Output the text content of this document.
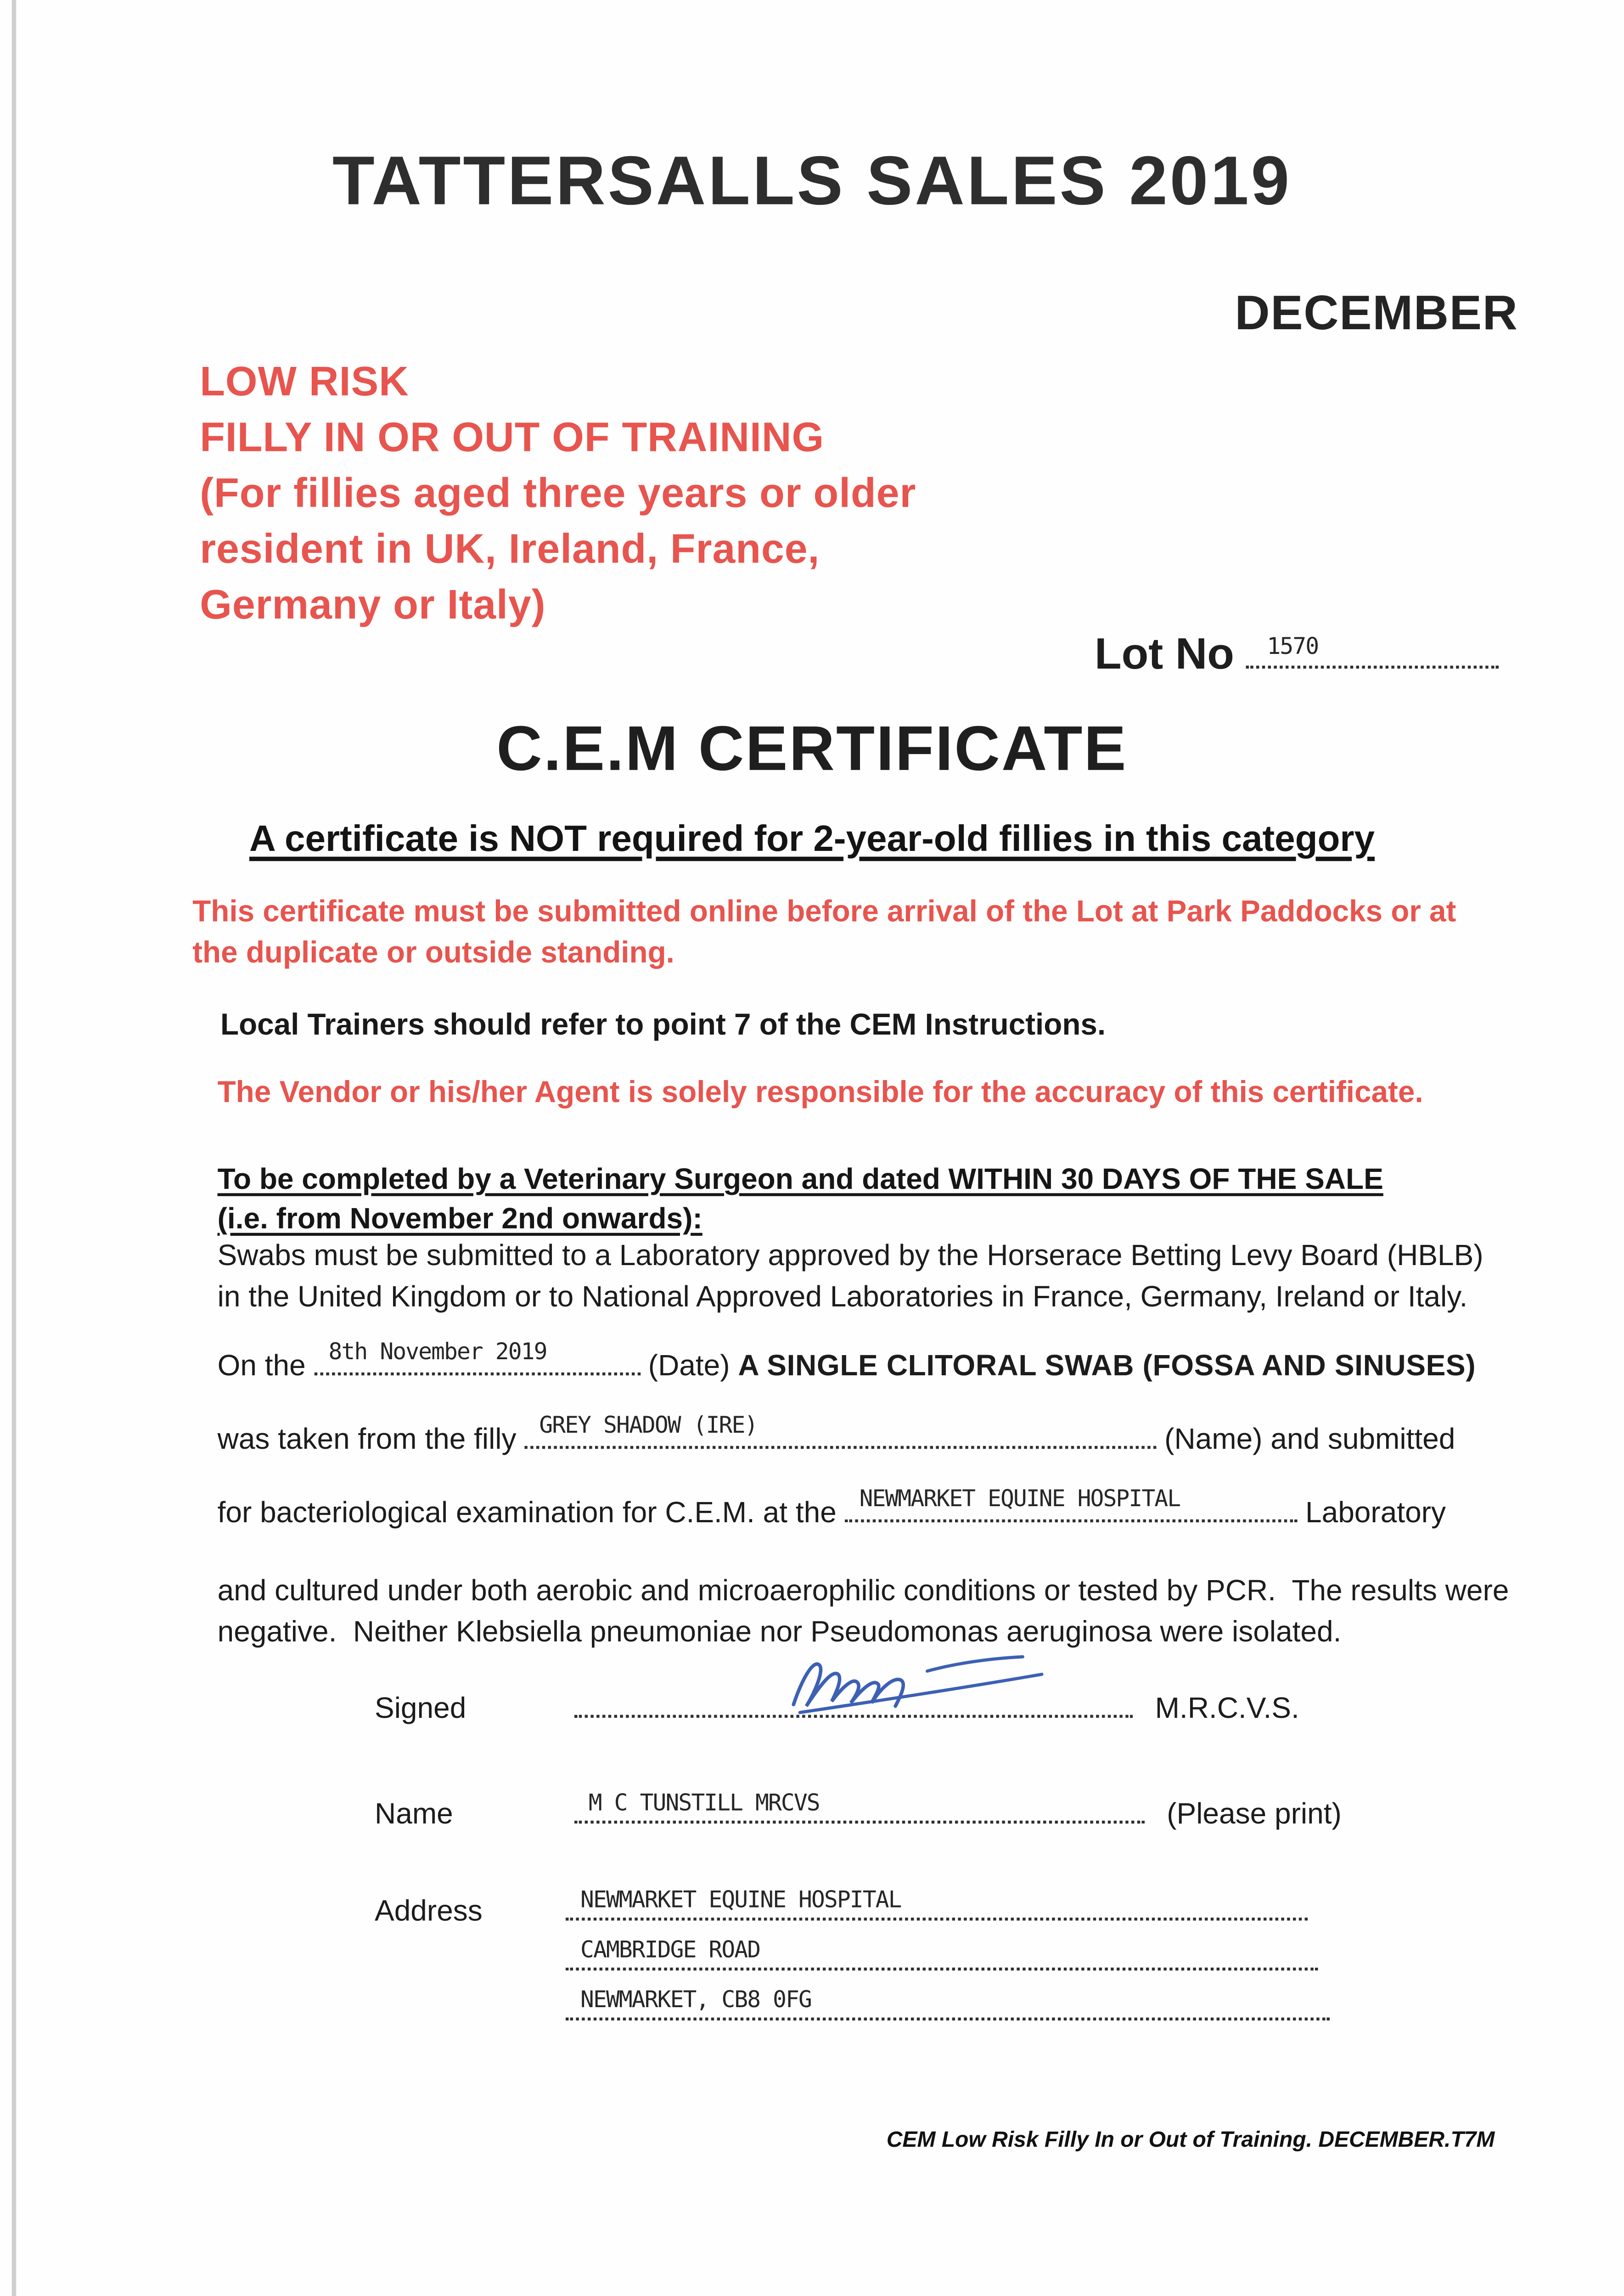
TATTERSALLS SALES 2019
DECEMBER
LOW RISK
FILLY IN OR OUT OF TRAINING
(For fillies aged three years or older
resident in UK, Ireland, France,
Germany or Italy)
Lot No	1570
C.E.M CERTIFICATE
A certificate is NOT required for 2-year-old fillies in this category

This certificate must be submitted online before arrival of the Lot at Park Paddocks or at the duplicate or outside standing.

Local Trainers should refer to point 7 of the CEM Instructions.

The Vendor or his/her Agent is solely responsible for the accuracy of this certificate.

To be completed by a Veterinary Surgeon and dated WITHIN 30 DAYS OF THE SALE
(i.e. from November 2nd onwards):

Swabs must be submitted to a Laboratory approved by the Horserace Betting Levy Board (HBLB) in the United Kingdom or to National Approved Laboratories in France, Germany, Ireland or Italy.

On the	8th November 2019	(Date) A SINGLE CLITORAL SWAB (FOSSA AND SINUSES)
was taken from the filly	GREY SHADOW (IRE)	(Name) and submitted
for bacteriological examination for C.E.M. at the	NEWMARKET EQUINE HOSPITAL	Laboratory

and cultured under both aerobic and microaerophilic conditions or tested by PCR.  The results were negative.  Neither Klebsiella pneumoniae nor Pseudomonas aeruginosa were isolated.

Signed	M.R.C.V.S.
Name	M C TUNSTILL MRCVS	(Please print)
Address	NEWMARKET EQUINE HOSPITAL
CAMBRIDGE ROAD
NEWMARKET, CB8 0FG
CEM Low Risk Filly In or Out of Training. DECEMBER.T7M
